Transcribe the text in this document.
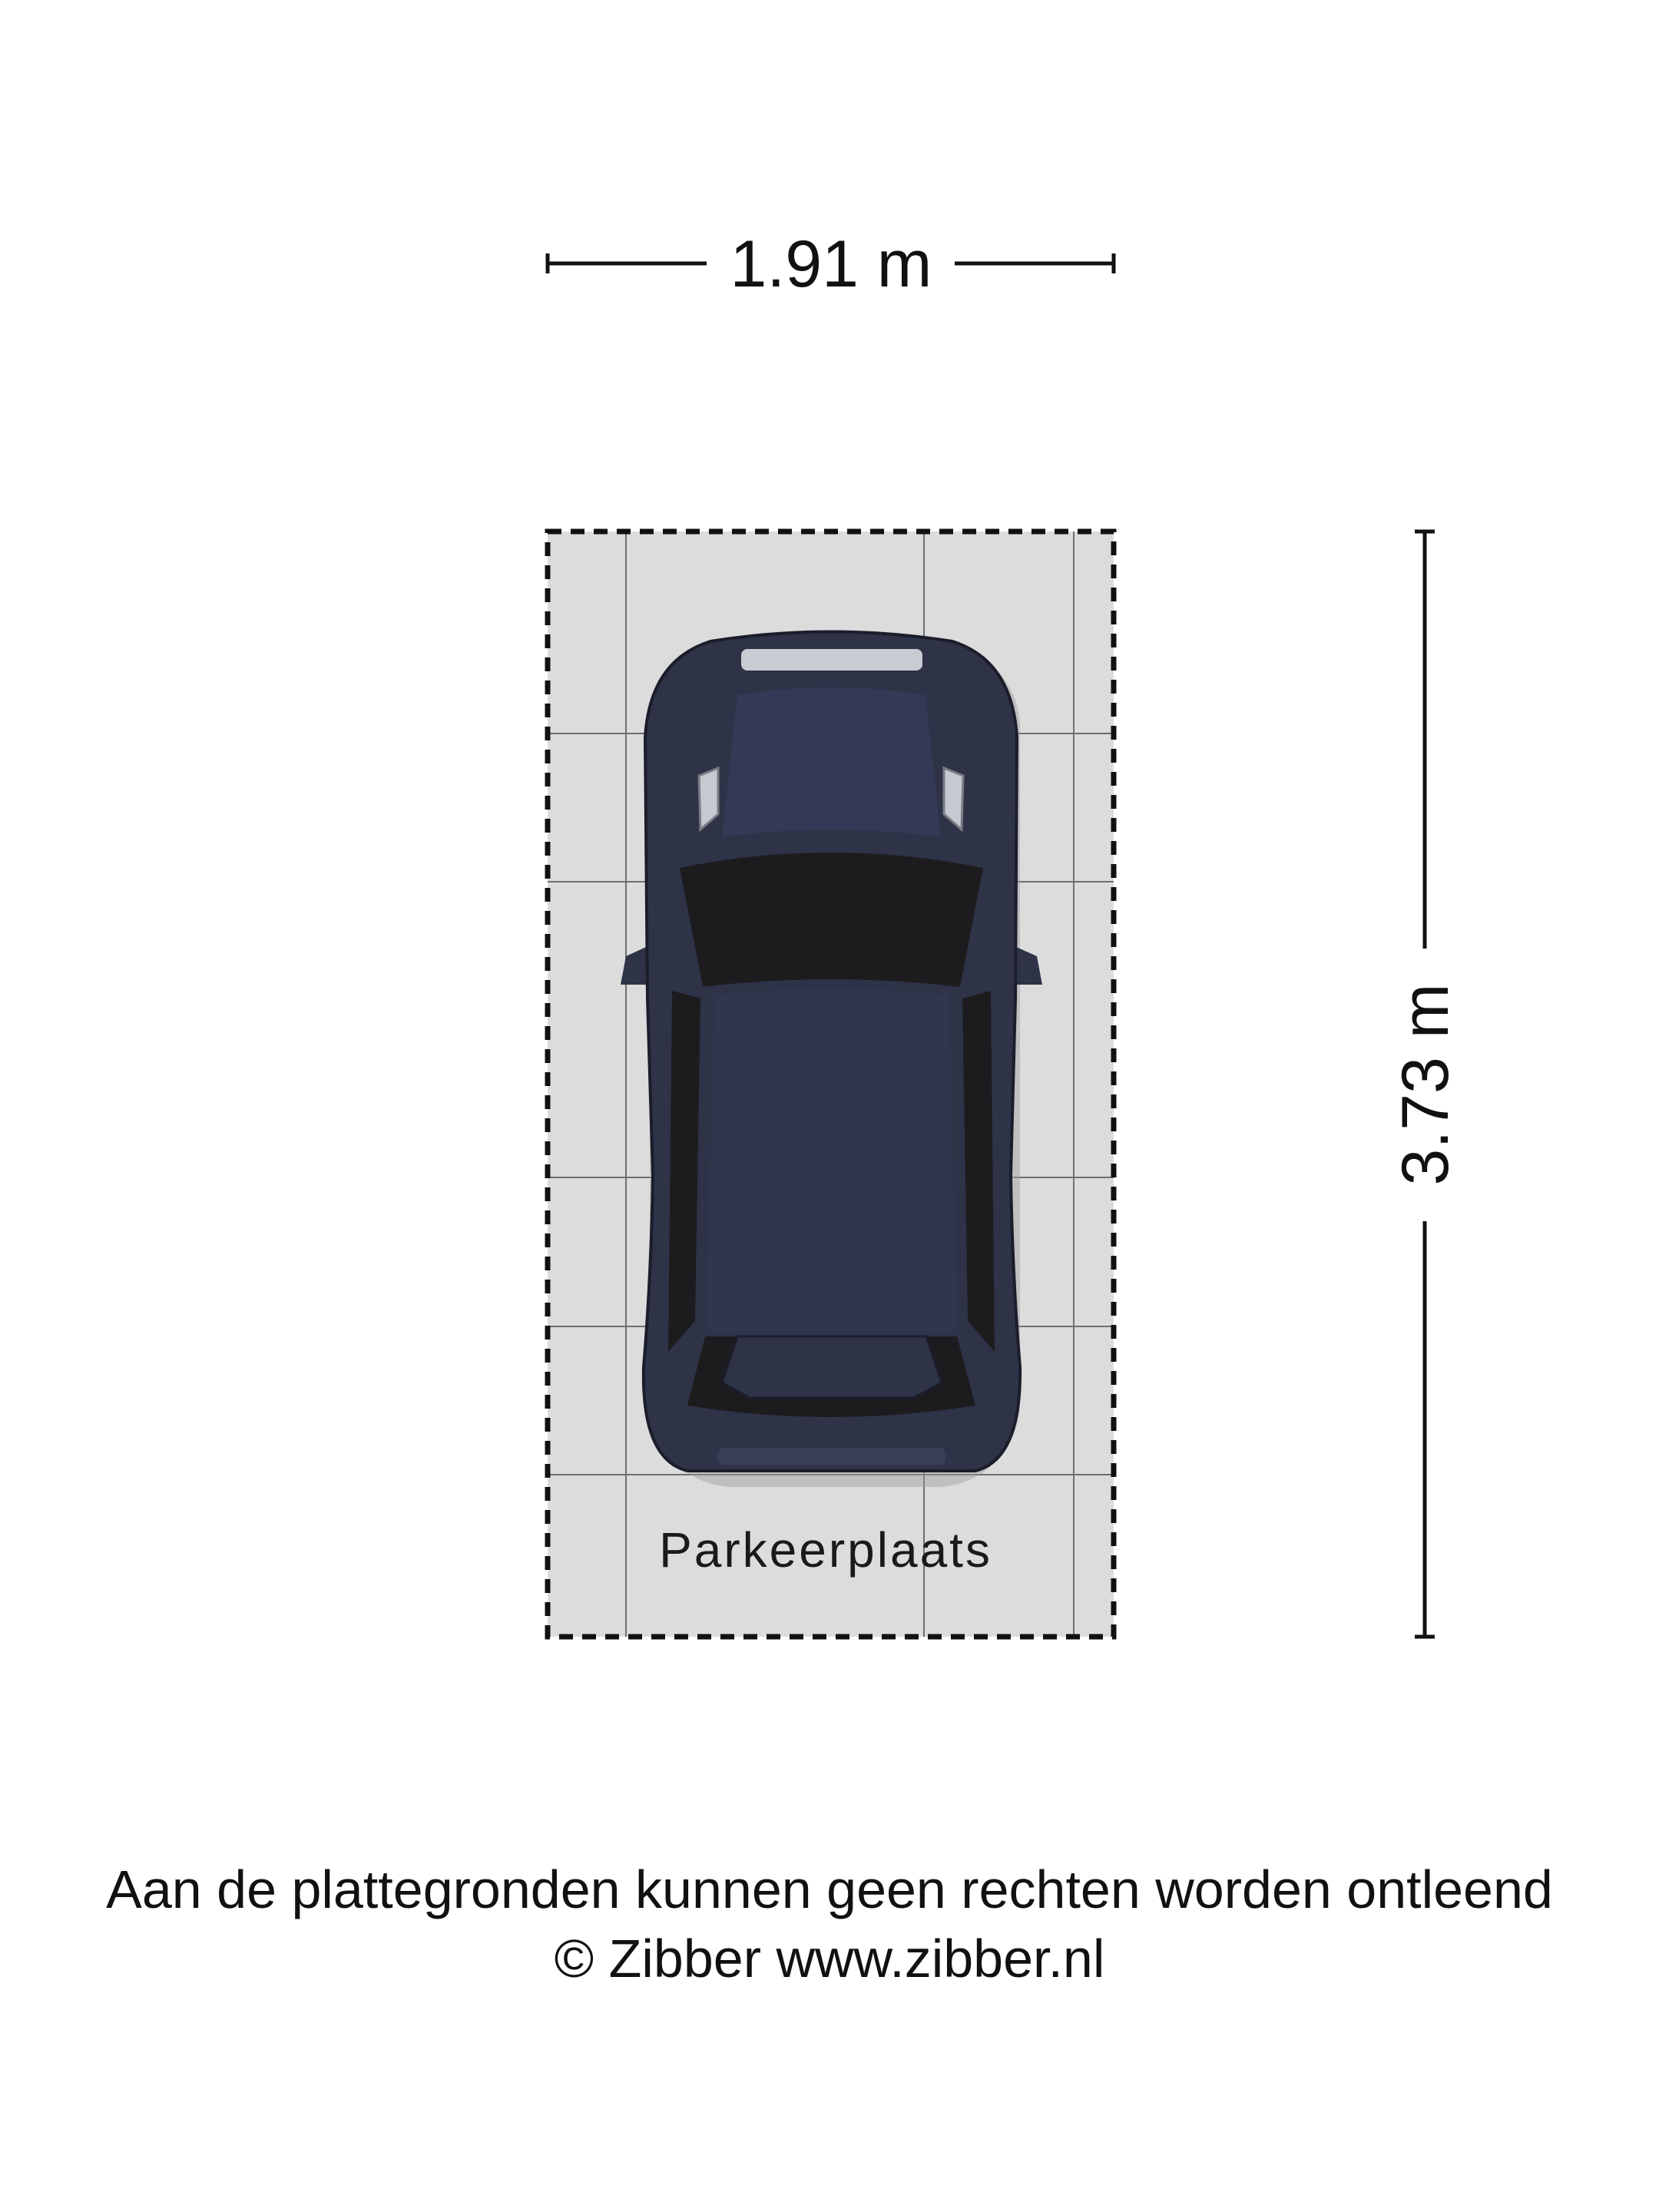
1.91 m
3.73 m
Parkeerplaats
Aan de plattegronden kunnen geen rechten worden ontleend
© Zibber www.zibber.nl
